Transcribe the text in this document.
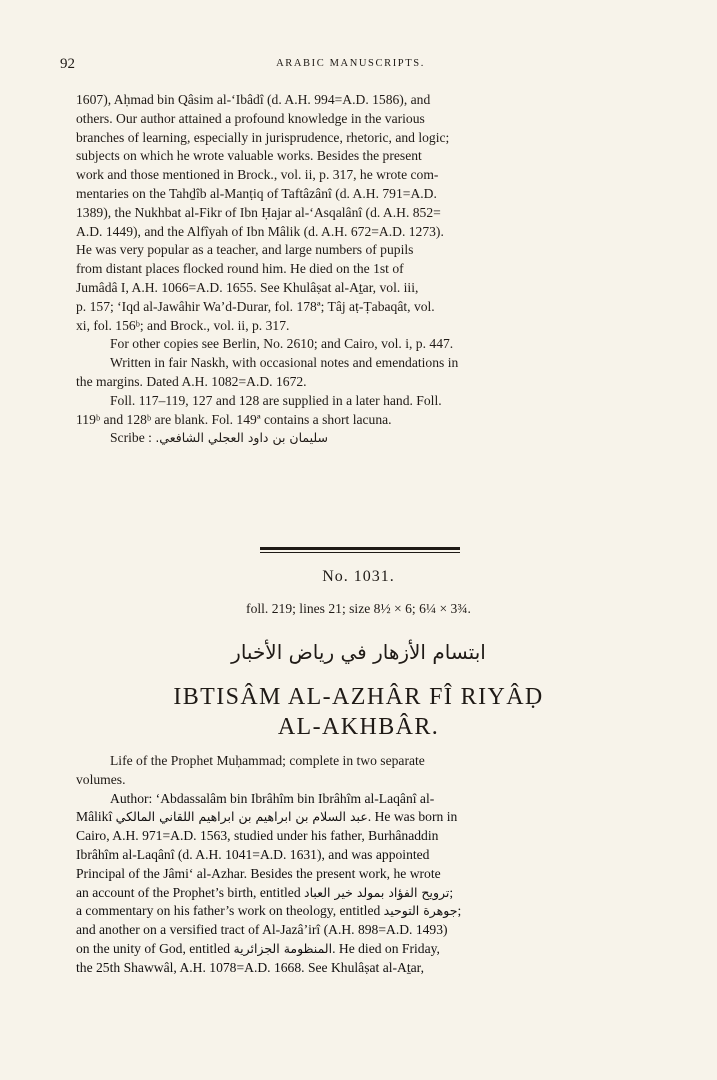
92	ARABIC MANUSCRIPTS.

1607), Aḥmad bin Qâsim al-‘Ibâdî (d. A.H. 994=A.D. 1586), and
others. Our author attained a profound knowledge in the various
branches of learning, especially in jurisprudence, rhetoric, and logic;
subjects on which he wrote valuable works. Besides the present
work and those mentioned in Brock., vol. ii, p. 317, he wrote com-
mentaries on the Tahḏîb al-Manṭiq of Taftâzânî (d. A.H. 791=A.D.
1389), the Nukhbat al-Fikr of Ibn Ḥajar al-‘Asqalânî (d. A.H. 852=
A.D. 1449), and the Alfîyah of Ibn Mâlik (d. A.H. 672=A.D. 1273).
He was very popular as a teacher, and large numbers of pupils
from distant places flocked round him. He died on the 1st of
Jumâdâ I, A.H. 1066=A.D. 1655. See Khulâṣat al-Aṯar, vol. iii,
p. 157; ‘Iqd al-Jawâhir Wa’d-Durar, fol. 178ª; Tâj aṭ-Ṭabaqât, vol.
xi, fol. 156ᵇ; and Brock., vol. ii, p. 317.

For other copies see Berlin, No. 2610; and Cairo, vol. i, p. 447.

Written in fair Naskh, with occasional notes and emendations in
the margins. Dated A.H. 1082=A.D. 1672.

Foll. 117–119, 127 and 128 are supplied in a later hand. Foll.
119ᵇ and 128ᵇ are blank. Fol. 149ª contains a short lacuna.

Scribe : سليمان بن داود العجلي الشافعي.

No. 1031.
foll. 219; lines 21; size 8½ × 6; 6¼ × 3¾.
ابتسام الأزهار في رياض الأخبار
IBTISÂM AL-AZHÂR FÎ RIYÂḌ
AL-AKHBÂR.

Life of the Prophet Muḥammad; complete in two separate
volumes.

Author: ‘Abdassalâm bin Ibrâhîm bin Ibrâhîm al-Laqânî al-
Mâlikî عبد السلام بن ابراهيم بن ابراهيم اللقاني المالكي. He was born in
Cairo, A.H. 971=A.D. 1563, studied under his father, Burhânaddin
Ibrâhîm al-Laqânî (d. A.H. 1041=A.D. 1631), and was appointed
Principal of the Jâmi‘ al-Azhar. Besides the present work, he wrote
an account of the Prophet’s birth, entitled ترويح الفؤاد بمولد خير العباد;
a commentary on his father’s work on theology, entitled جوهرة التوحيد;
and another on a versified tract of Al-Jazâ’irî (A.H. 898=A.D. 1493)
on the unity of God, entitled المنظومة الجزائرية. He died on Friday,
the 25th Shawwâl, A.H. 1078=A.D. 1668. See Khulâṣat al-Aṯar,
